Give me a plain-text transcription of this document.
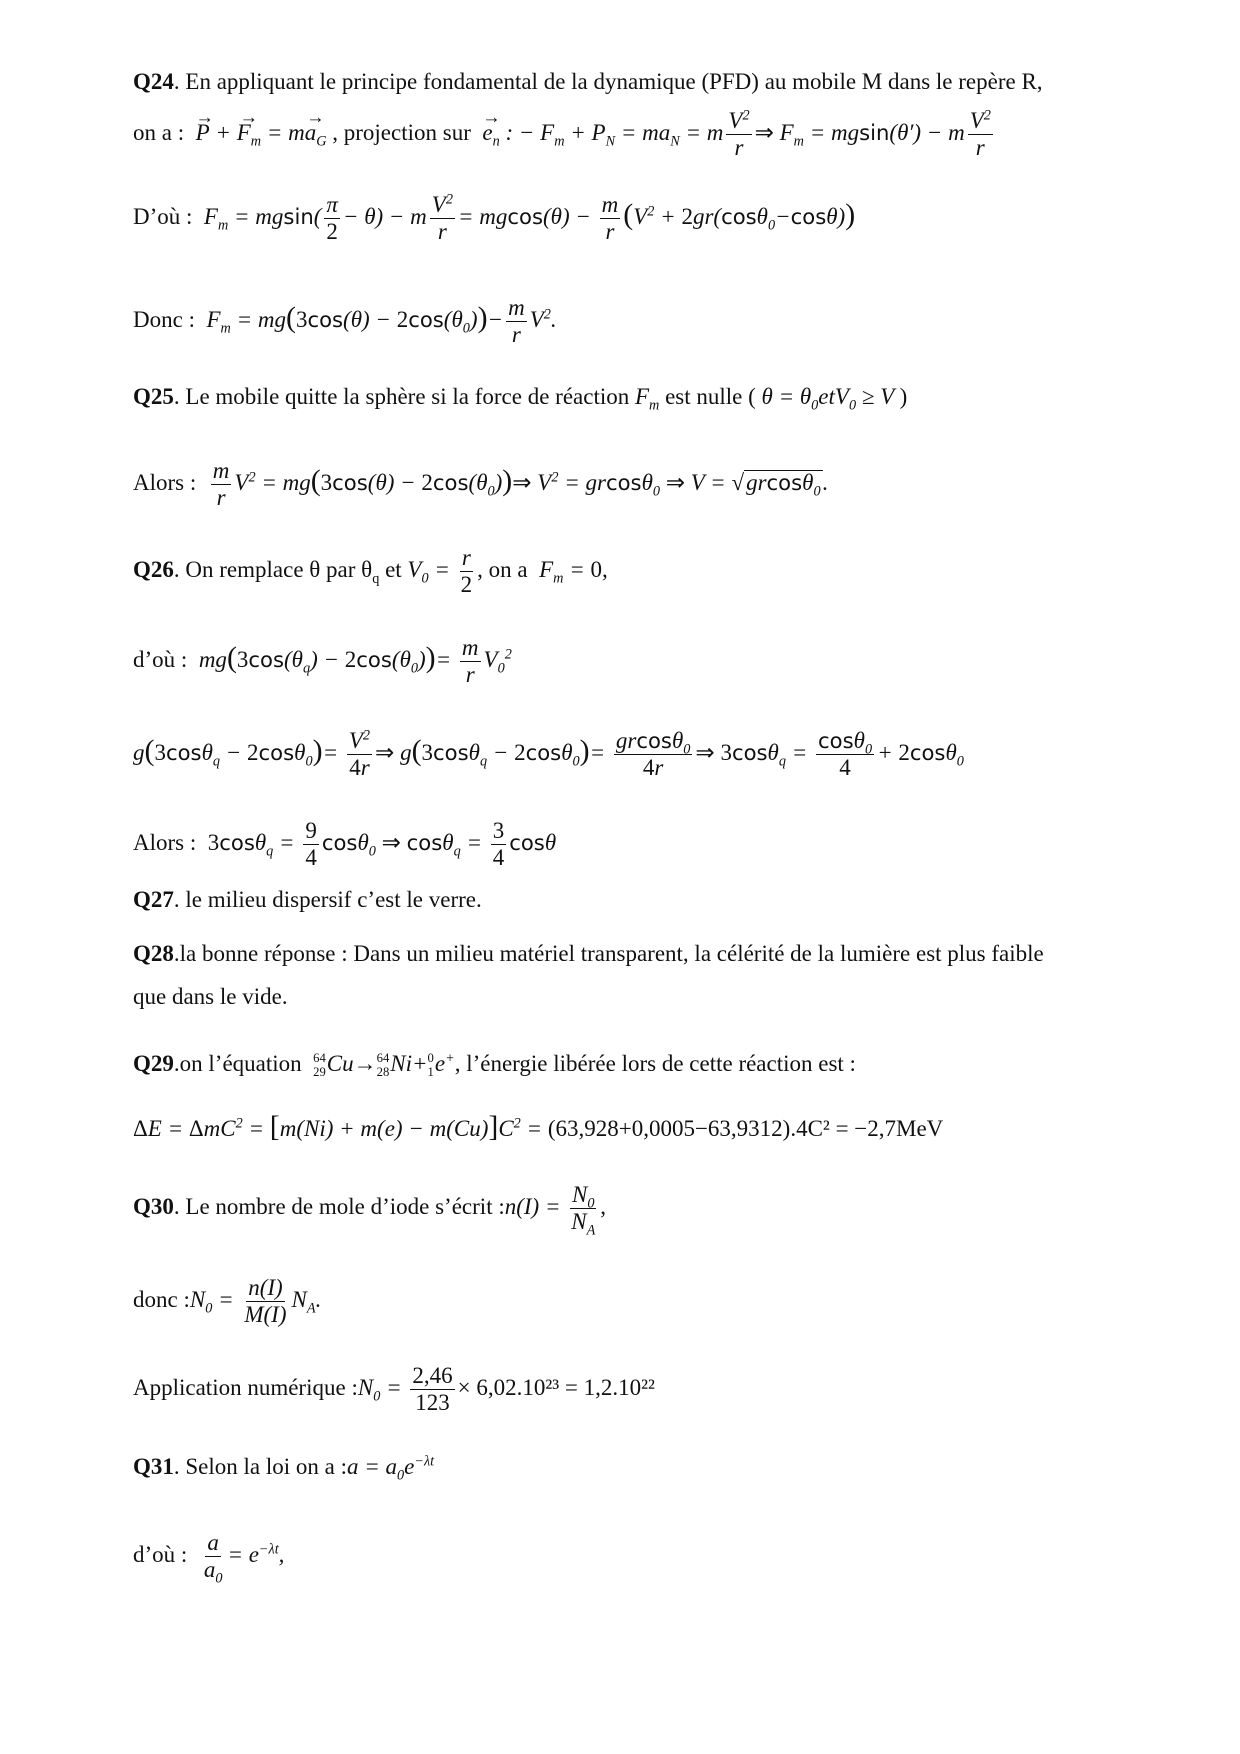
Q24. En appliquant le principe fondamental de la dynamique (PFD) au mobile M dans le repère R,
on a : → P + → $F_m = m\to a_G$ , projection sur → $e_n$ : − $F_m + P_N = ma_N = m \frac{V^2}{r}$ ⇒ $F_m = mgsin(\theta') - m \frac{V^2}{r}$
D’où :  $F_m = mgsin( \frac{\pi}{2} - \theta) - m \frac{V^2}{r} = mgcos(\theta) - \frac{m}{r} (V^2 + 2gr(\cos\theta_0-\cos\theta))$
Donc :  $F_m = mg(3\cos(\theta) - 2\cos(\theta_0))- \frac{m}{r} V^2$.
Q25. Le mobile quitte la sphère si la force de réaction $F_m$ est nulle ( $\theta = \theta_0etV_0 \ge V$ )
Alors : $\frac{m}{r} V^2 = mg(3\cos(\theta)$ − $2\cos(\theta_0))\Rightarrow$ $V^2 = grcos\theta_0$ ⇒ V = √grcosθ$_0$.
Q26. On remplace θ par $\theta_q$ et $V_0 = \frac{r}{2}$ , on a  $F_m = 0$,
d’où :  $mg(3\cos(\theta_q) - 2\cos(\theta_0))= \frac{m}{r} V_0^2$
$g(3\cos\theta_q - 2\cos\theta_0)= \frac{V^2}{4r}$ ⇒ $g(3\cos\theta_q - 2\cos\theta_0)= \frac{grcos\theta_0}{4r}$ ⇒ $3\cos\theta_q = \frac{\cos\theta_0}{4} + 2\cos\theta_0$
Alors : $3\cos\theta_q = \frac{9}{4} \cos\theta_0$ ⇒ $\cos\theta_q = \frac{3}{4}$ cosθ
Q27. le milieu dispersif c’est le verre.
Q28.la bonne réponse : Dans un milieu matériel transparent, la célérité de la lumière est plus faible
que dans le vide.
Q29.on l’équation 64
29 Cu→ 64
28 Ni+ 0
1 e+, l’énergie libérée lors de cette réaction est :
$\Delta E = \Delta mC^2 = [m(Ni) + m(e) - m(Cu)]C^2 = (63,928+0,0005-63,9312).4C^2 = -2,7MeV$
Q30. Le nombre de mole d’iode s’écrit :n(I) = $\frac{N_0}{N_A}$ ,
donc $:N_0 = \frac{n(I)}{M(I)} N_A$.
Application numérique $:N_0 = \frac{2,46}{123} \times 6,02.10^{23} = 1,2.10^{22}$
Q31. Selon la loi on a :a = $a_0e^{-\lambda t}$
d’où : $\frac{a}{a_0} = e^{-\lambda t}$,
